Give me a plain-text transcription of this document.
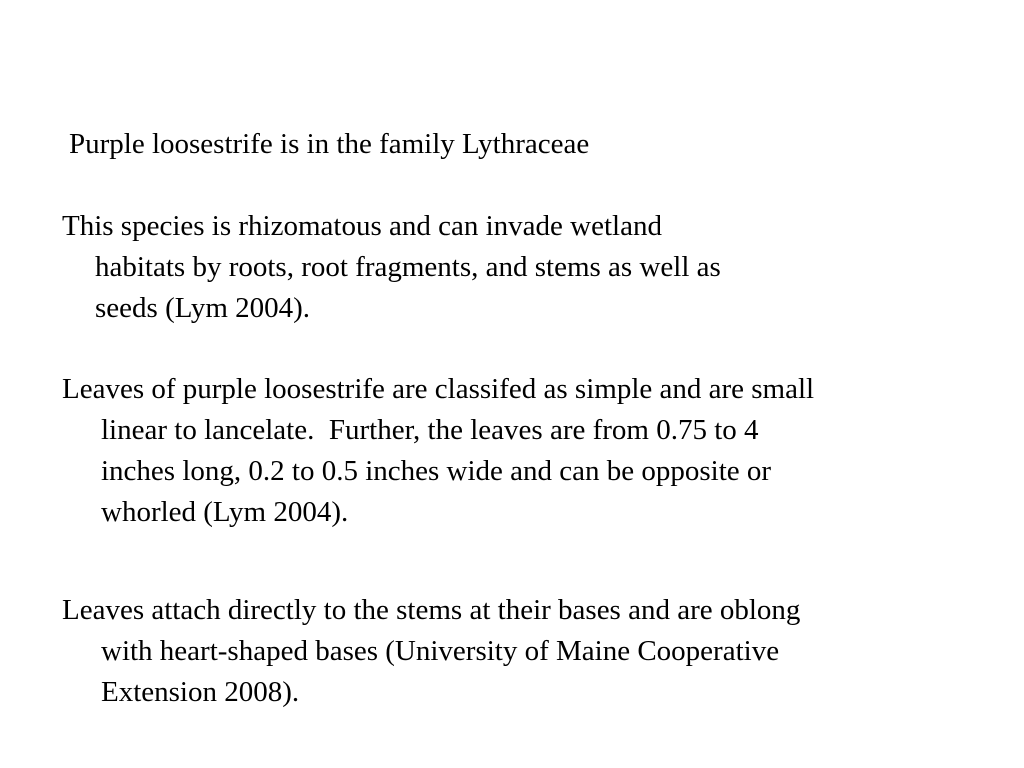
Purple loosestrife is in the family Lythraceae
This species is rhizomatous and can invade wetland
habitats by roots, root fragments, and stems as well as
seeds (Lym 2004).
Leaves of purple loosestrife are classifed as simple and are small
linear to lancelate.  Further, the leaves are from 0.75 to 4
inches long, 0.2 to 0.5 inches wide and can be opposite or
whorled (Lym 2004).
Leaves attach directly to the stems at their bases and are oblong
with heart-shaped bases (University of Maine Cooperative
Extension 2008).
